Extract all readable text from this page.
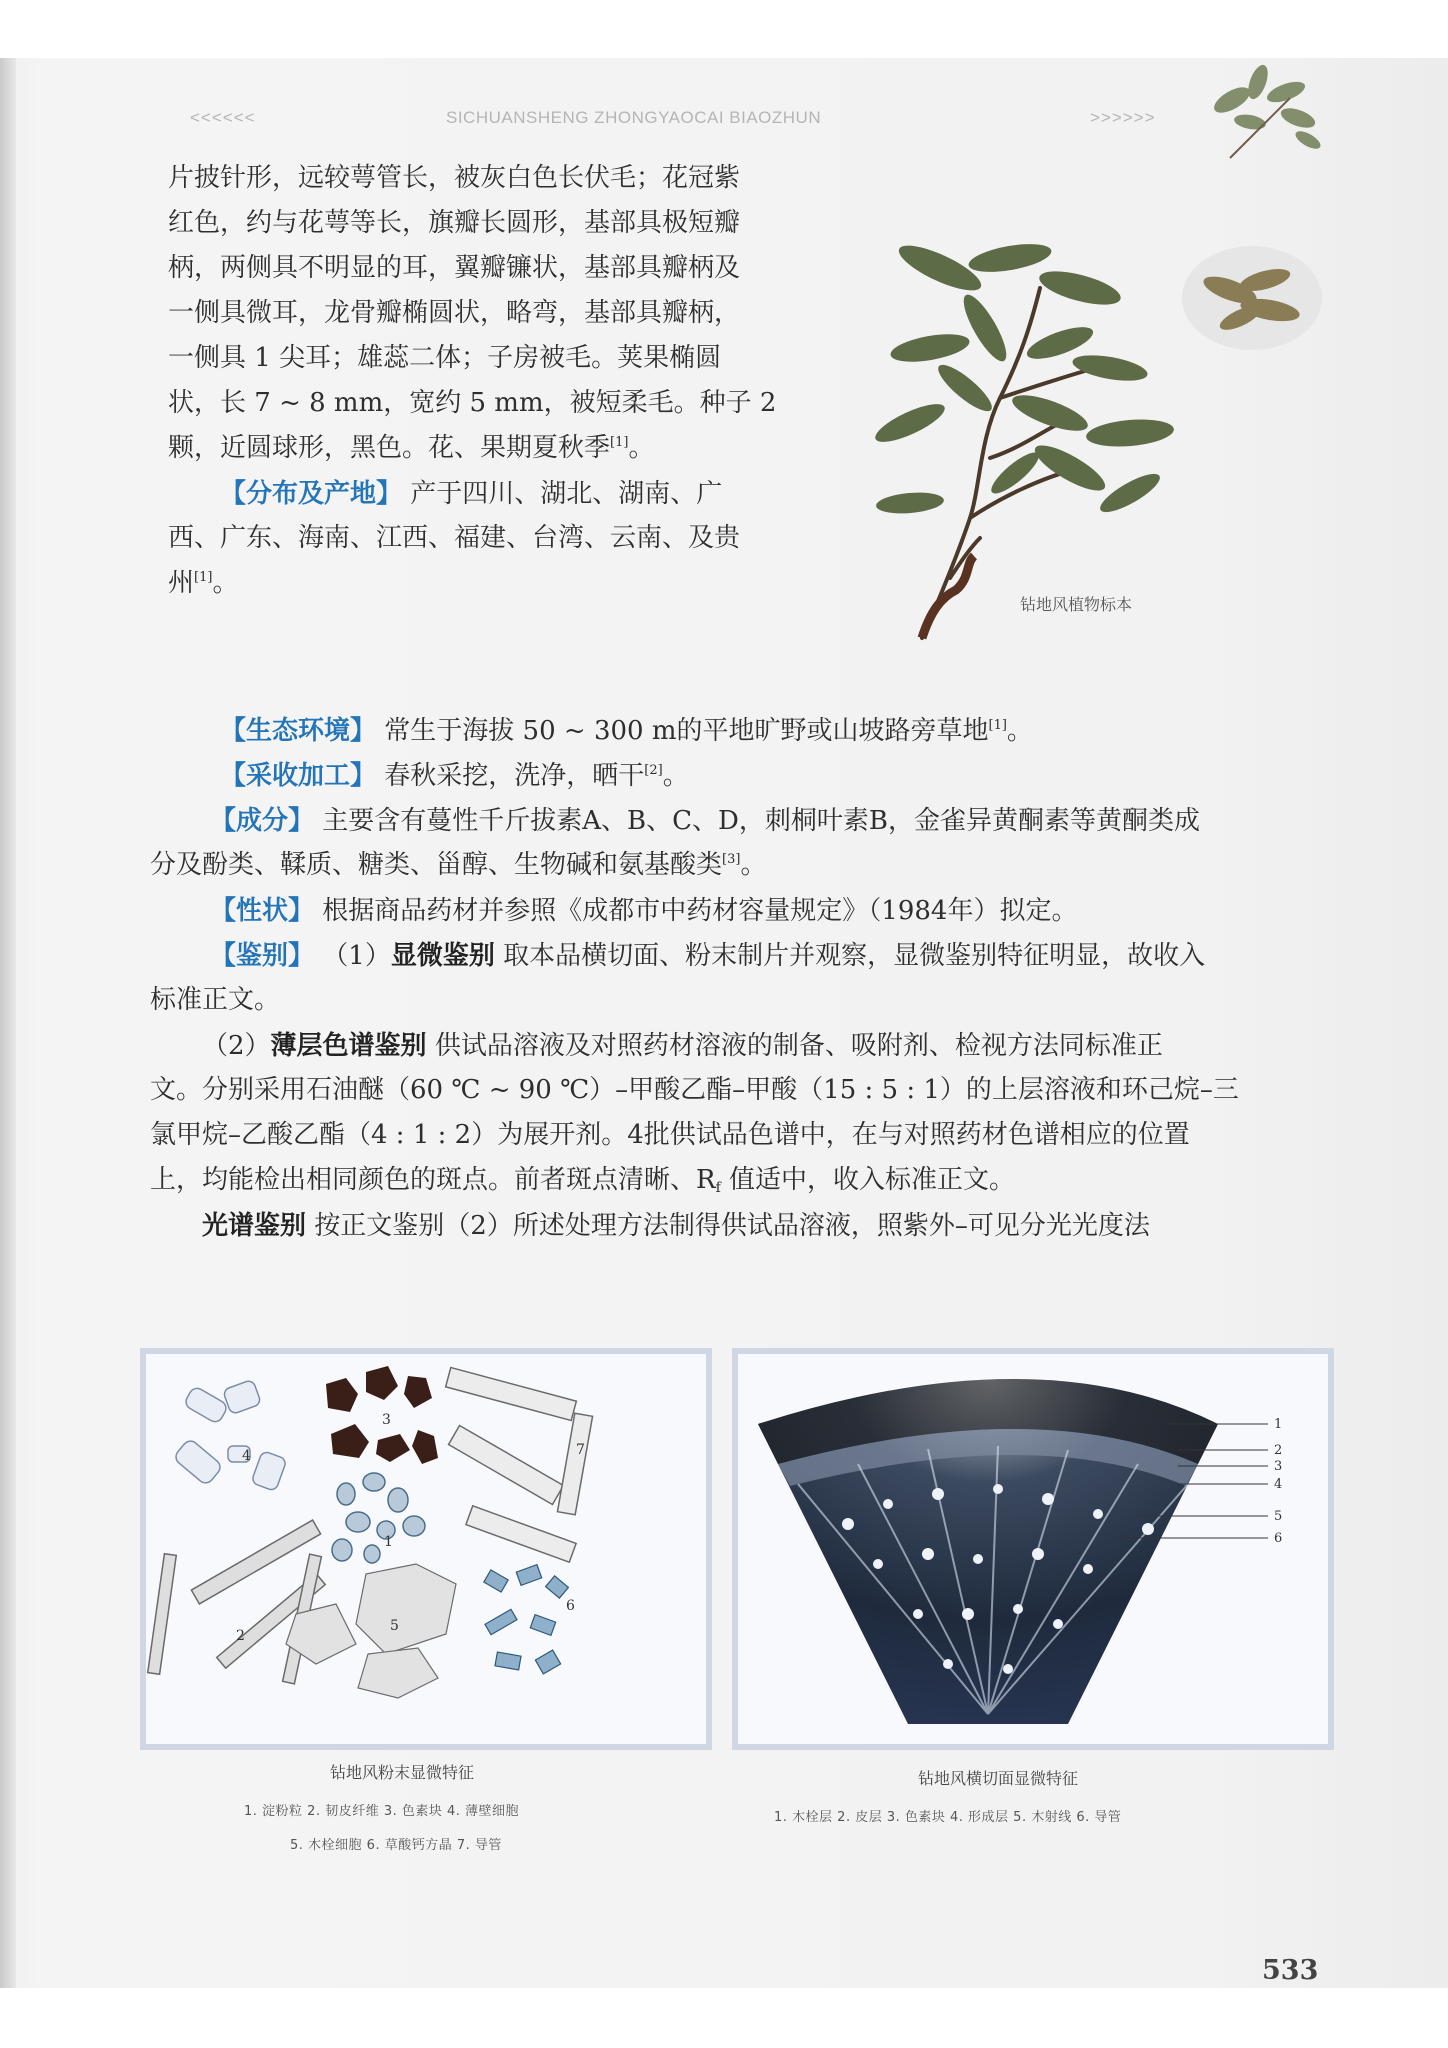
<<<<<<	SICHUANSHENG ZHONGYAOCAI BIAOZHUN	>>>>>>
片披针形，远较萼管长，被灰白色长伏毛；花冠紫
红色，约与花萼等长，旗瓣长圆形，基部具极短瓣
柄，两侧具不明显的耳，翼瓣镰状，基部具瓣柄及
一侧具微耳，龙骨瓣椭圆状，略弯，基部具瓣柄，
一侧具 1 尖耳；雄蕊二体；子房被毛。荚果椭圆
状，长 7 ~ 8 mm，宽约 5 mm，被短柔毛。种子 2
颗，近圆球形，黑色。花、果期夏秋季[1]。
【分布及产地】 产于四川、湖北、湖南、广
西、广东、海南、江西、福建、台湾、云南、及贵
州[1]。
钻地风植物标本
【生态环境】 常生于海拔 50 ~ 300 m的平地旷野或山坡路旁草地[1]。
【采收加工】 春秋采挖，洗净，晒干[2]。
【成分】 主要含有蔓性千斤拔素A、B、C、D，刺桐叶素B，金雀异黄酮素等黄酮类成
分及酚类、鞣质、糖类、甾醇、生物碱和氨基酸类[3]。
【性状】 根据商品药材并参照《成都市中药材容量规定》（1984年）拟定。
【鉴别】 （1）显微鉴别 取本品横切面、粉末制片并观察，显微鉴别特征明显，故收入
标准正文。
（2）薄层色谱鉴别 供试品溶液及对照药材溶液的制备、吸附剂、检视方法同标准正
文。分别采用石油醚（60 ℃ ~ 90 ℃）–甲酸乙酯–甲酸（15 : 5 : 1）的上层溶液和环己烷–三
氯甲烷–乙酸乙酯（4 : 1 : 2）为展开剂。4批供试品色谱中，在与对照药材色谱相应的位置
上，均能检出相同颜色的斑点。前者斑点清晰、$R_f$ 值适中，收入标准正文。
光谱鉴别 按正文鉴别（2）所述处理方法制得供试品溶液，照紫外–可见分光光度法
1
2
3
4
5
6
7
钻地风粉末显微特征
1. 淀粉粒 2. 韧皮纤维 3. 色素块 4. 薄壁细胞
5. 木栓细胞 6. 草酸钙方晶 7. 导管
1
2
3
4
5
6
钻地风横切面显微特征
1. 木栓层 2. 皮层 3. 色素块 4. 形成层 5. 木射线 6. 导管
533
